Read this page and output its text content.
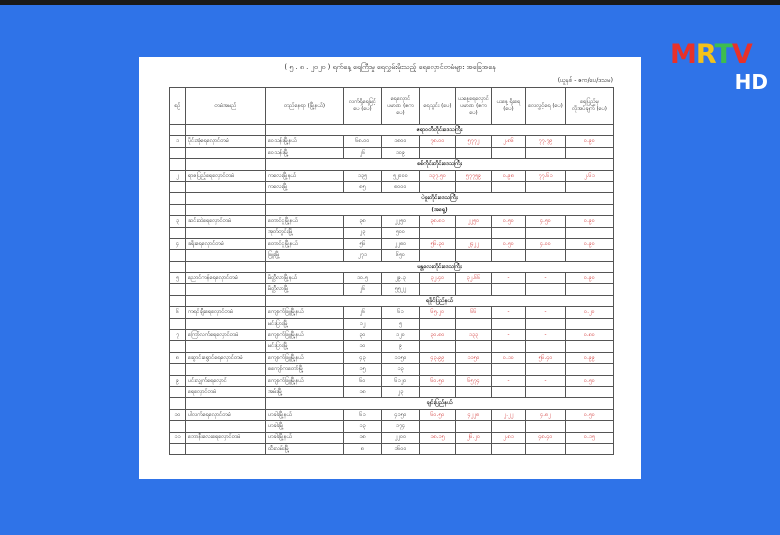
MRTV
HD
( ၅ . ၈ . ၂၀၂၀ ) ရက်နေ့ ရေကြီးမှု ရေလွှမ်းမိုးသည့် ရေလှောင်တမံများ အခြေအနေ
(ယူနစ် - ဧက/ပေ/ဒသမ)
စဉ်	တမံအမည်	တည်နေရာ (မြို့နယ်)	လက်ရှိရေမြင့်ပေ (ပေ)	ရေလှောင်ပမာဏ (ဧကပေ)	ရေသွင်း (ပေ)	ယနေ့ရေလှောင်ပမာဏ (ဧကပေ)	ယနေ့ ရိုးရေ (ပေ)	လေလွှင့်ရေ (ပေ)	ရေပြည့်မှ လိုအပ်ချက် (ပေ)
		ဧရာဝတီတိုင်းဒေသကြီး							
၁	ပိုင်းအုံရေလှောင်တမံ	ဝေသန်းမြို့နယ်	၆၈.၀၀	၁၈၀၀	၇၈.၀၀	၅၇၇၂	၂.၈၆	၇၇.၇၉	၀.၉၀
		ဝေသန်းမြို့	၂၆	၁၀၉					
		စစ်ကိုင်းတိုင်းဒေသကြီး							
၂	ရာဇပြည့်ရေလှောင်တမံ	ကလေးမြို့နယ်	၁၃၅	၅၂၀၀၀	၁၃၇.၅၀	၅၇၇၅၉	၀.၉၈	၇၇.၆၁	၂.၆၁
		ကလေးမြို့	၈၅	၈၀၀၀					
		ပဲခူးတိုင်းဒေသကြီး							
		(အရှေ့)							
၃	ဆင်းထဲရေလှောင်တမံ	တောင်ငူမြို့နယ်	၃၈	၂၂၅၀	၃၈.၈၁	၂၂၅၀	၀.၅၀	၄.၅၀	၀.၉၀
		အုတ်တွင်းမြို့	၂၃	၅၀၀					
၄	ခရိုးရေလှောင်တမံ	တောင်ငူမြို့နယ်	၅၆	၂၂၈၀	၅၆.၃၀	၂၄၂၂	၀.၅၀	၄.၀၀	၀.၉၀
		ဖြူးမြို့	၂၇၁	၆၅၀					
		မန္တလေးတိုင်းဒေသကြီး							
၅	ညောင်ကန်ရေလှောင်တမံ	မိတ္ထီလာမြို့နယ်	၁၀.၅	၂၉.၃	၃၂.၄၀	၃၂.၆၆	-	-	၀.၉၀
		မိတ္ထီလာမြို့	၂၆	၅၅၂၂					
		ရခိုင်ပြည်နယ်							
၆	ကရင်ချီးရေလှောင်တမံ	ကျောက်ဖြူမြို့နယ်	၂၆	၆၁	၆၅.၂၀	၆၆	-	-	၀.၂၀
		မင်းပြားမြို့	၁၂	၅					
၇	ကြော်လက်ရေလှောင်တမံ	ကျောက်ဖြူမြို့နယ်	၃၀	၁၂၀	၃၀.၈၀	၁၃၃	-	-	၀.၈၀
		မင်းပြားမြို့	၁၀	၉					
၈	ဆွောင်းရွောင်ရေလှောင်တမံ	ကျောက်ဖြူမြို့နယ်	၄၃	၁၁၅၀	၄၃.၉၉	၁၁၅၀	၀.၁၀	၅၆.၄၀	၀.၉၉
		စကျော်ကတော်မြို့	၁၅	၁၃					
၉	ပင်းလျှက်ရေလှောင်	ကျောက်ဖြူမြို့နယ်	၆၀	၆၁၂၀	၆၀.၅၀	၆၅၇၄	-	-	၀.၅၀
	ရေလှောင်တမံ	အမ်းမြို့	၁၈	၂၃					
		ချင်းပြည်နယ်							
၁၀	ပါလက်ရေလှောင်တမံ	ဟခါးမြို့နယ်	၆၁	၄၁၅၀	၆၀.၅၀	၄၂၂၈	၂.၂၂	၄.၈၂	၀.၅၀
		ဟခါးမြို့	၁၃	၁၇၄					
၁၁	ဘောနီးလေးရေလှောင်တမံ	ဟခါးမြို့နယ်	၁၈	၂၂၀၀	၁၈.၁၅	၂၆.၂၀	၂.၈၁	၄၈.၄၀	၀.၁၅
		ထီးလမ်းမြို့	၈	၁၆၀၀					
